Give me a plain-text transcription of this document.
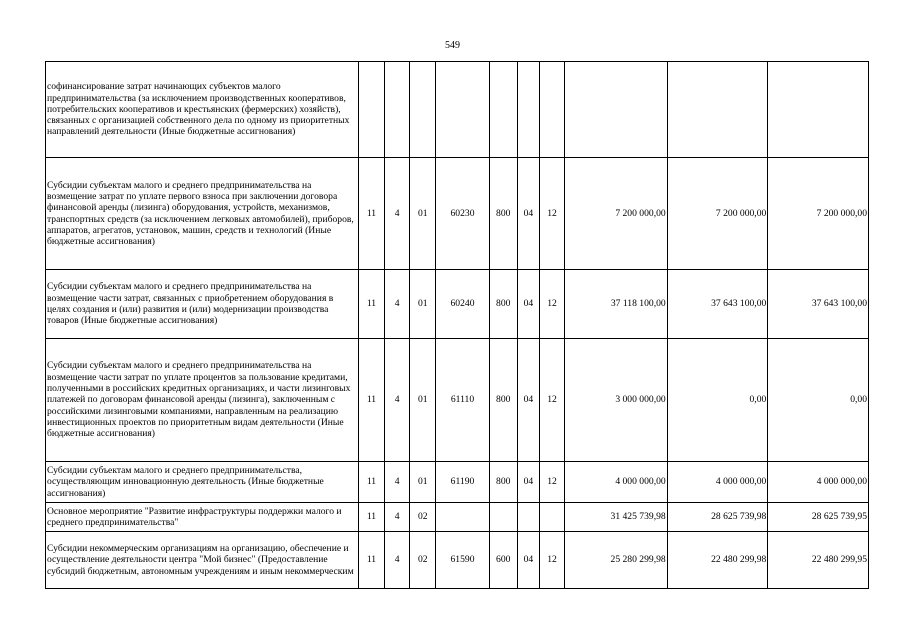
549
софинансирование затрат начинающих субъектов малого предпринимательства (за исключением производственных кооперативов, потребительских кооперативов и крестьянских (фермерских) хозяйств), связанных с организацией собственного дела по одному из приоритетных направлений деятельности (Иные бюджетные ассигнования)										
Субсидии субъектам малого и среднего предпринимательства на возмещение затрат по уплате первого взноса при заключении договора финансовой аренды (лизинга) оборудования, устройств, механизмов, транспортных средств (за исключением легковых автомобилей), приборов, аппаратов, агрегатов, установок, машин, средств и технологий (Иные бюджетные ассигнования)	11	4	01	60230	800	04	12	7 200 000,00	7 200 000,00	7 200 000,00
Субсидии субъектам малого и среднего предпринимательства на возмещение части затрат, связанных с приобретением оборудования в целях создания и (или) развития и (или) модернизации производства товаров (Иные бюджетные ассигнования)	11	4	01	60240	800	04	12	37 118 100,00	37 643 100,00	37 643 100,00
Субсидии субъектам малого и среднего предпринимательства на возмещение части затрат по уплате процентов за пользование кредитами, полученными в российских кредитных организациях, и части лизинговых платежей по договорам финансовой аренды (лизинга), заключенным с российскими лизинговыми компаниями, направленным на реализацию инвестиционных проектов по приоритетным видам деятельности (Иные бюджетные ассигнования)	11	4	01	61110	800	04	12	3 000 000,00	0,00	0,00
Субсидии субъектам малого и среднего предпринимательства, осуществляющим инновационную деятельность (Иные бюджетные ассигнования)	11	4	01	61190	800	04	12	4 000 000,00	4 000 000,00	4 000 000,00
Основное мероприятие "Развитие инфраструктуры поддержки малого и среднего предпринимательства"	11	4	02					31 425 739,98	28 625 739,98	28 625 739,95
Субсидии некоммерческим организациям на организацию, обеспечение и осуществление деятельности центра "Мой бизнес" (Предоставление субсидий бюджетным, автономным учреждениям и иным некоммерческим	11	4	02	61590	600	04	12	25 280 299,98	22 480 299,98	22 480 299,95
